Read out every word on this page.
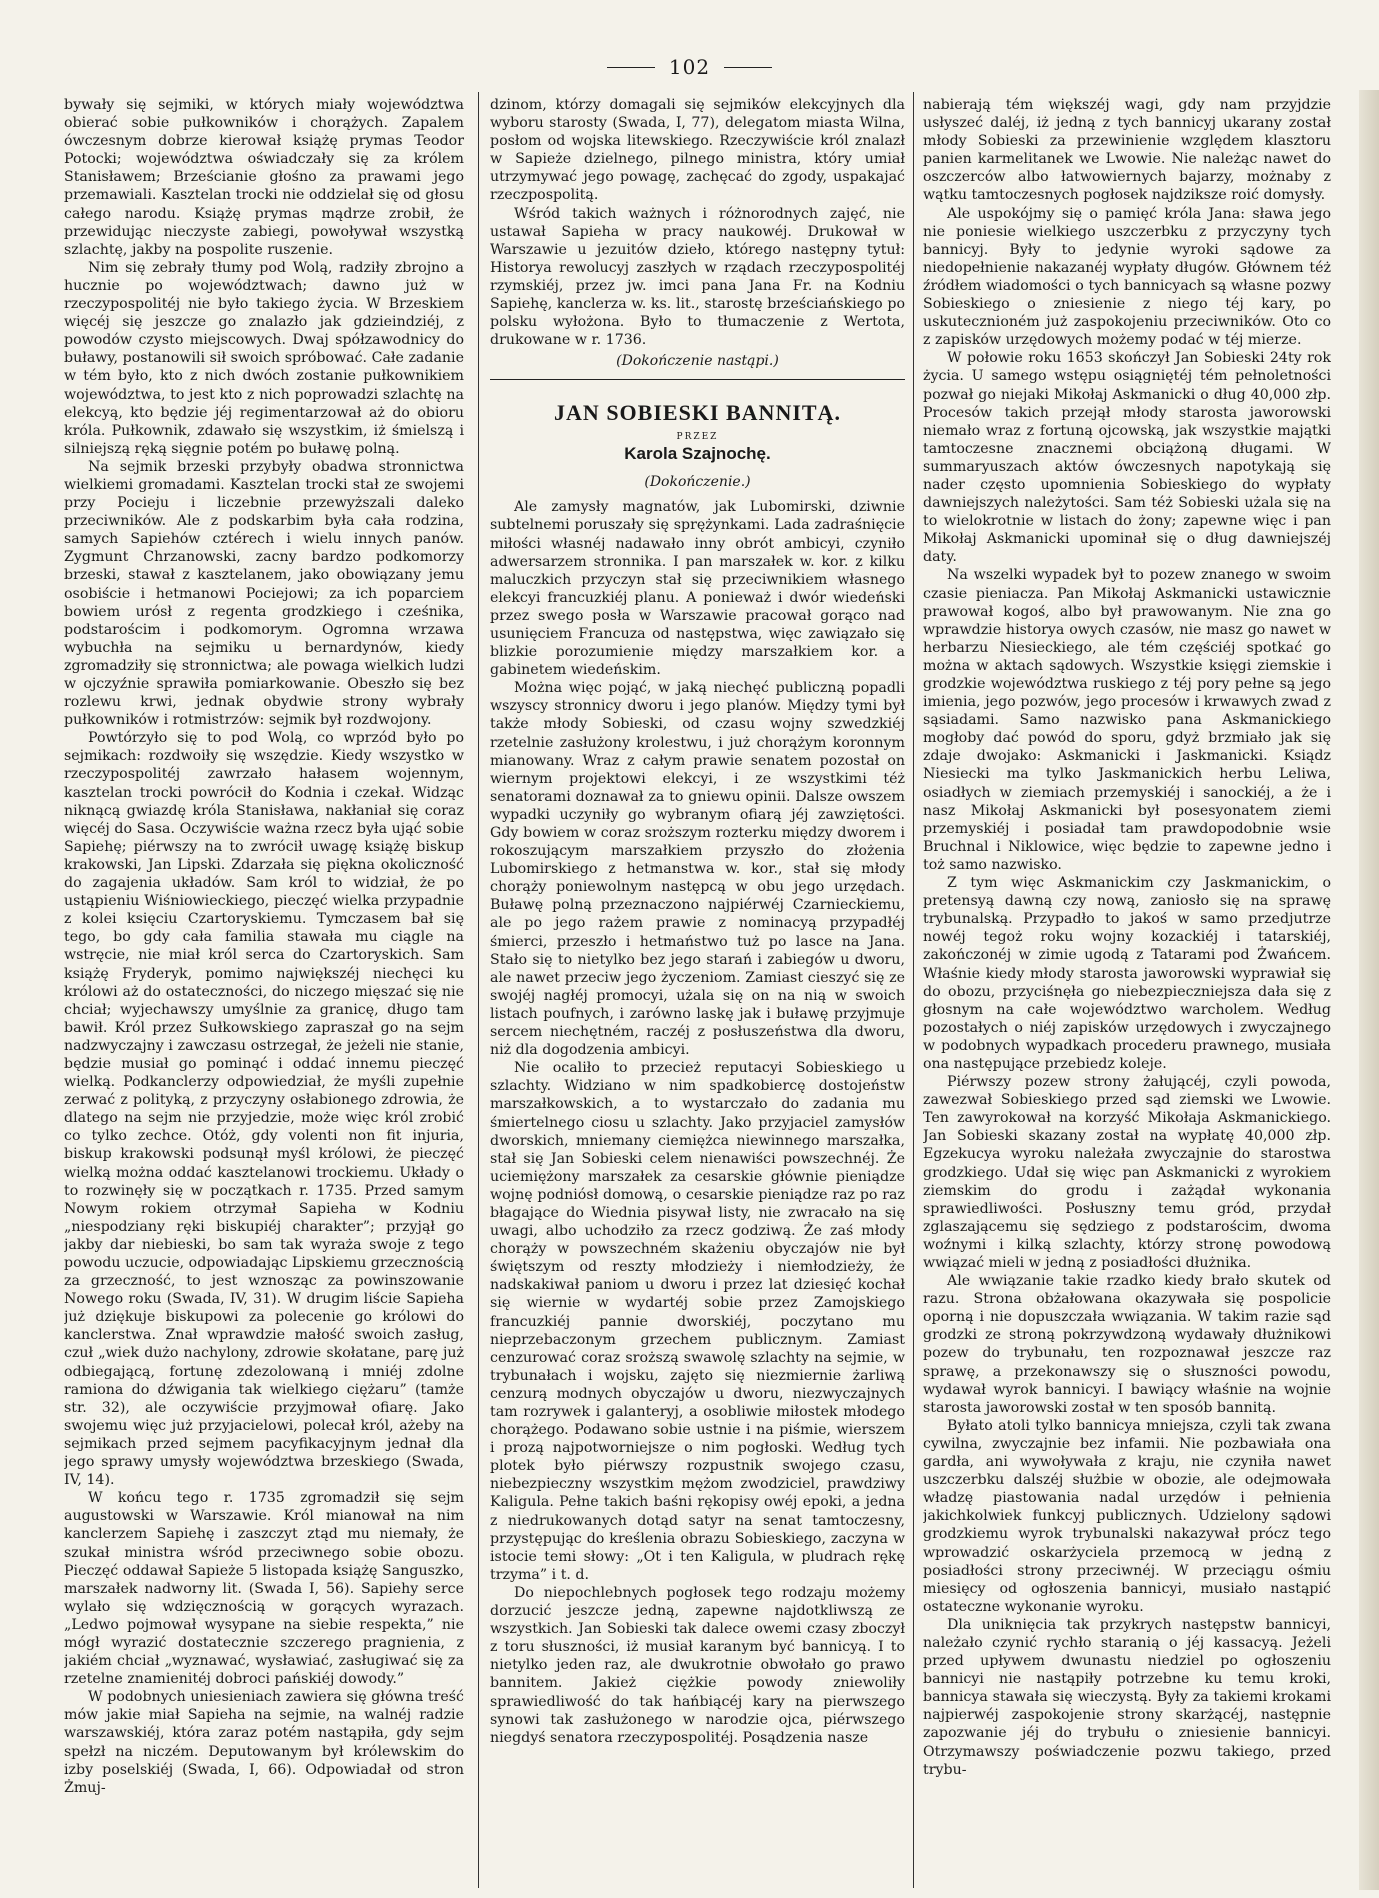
102

bywały się sejmiki, w których miały województwa obierać sobie pułkowników i chorążych. Zapalem ówczesnym dobrze kierował książę prymas Teodor Potocki; województwa oświadczały się za królem Stanisławem; Brześcianie głośno za prawami jego przemawiali. Kasztelan trocki nie oddzielał się od głosu całego narodu. Książę prymas mądrze zrobił, że przewidując nieczyste zabiegi, powoływał wszystką szlachtę, jakby na pospolite ruszenie.

Nim się zebrały tłumy pod Wolą, radziły zbrojno a hucznie po województwach; dawno już w rzeczypospolitéj nie było takiego życia. W Brzeskiem więcéj się jeszcze go znalazło jak gdzieindziéj, z powodów czysto miejscowych. Dwaj spółzawodnicy do buławy, postanowili sił swoich spróbować. Całe zadanie w tém było, kto z nich dwóch zostanie pułkownikiem województwa, to jest kto z nich poprowadzi szlachtę na elekcyą, kto będzie jéj regimentarzował aż do obioru króla. Pułkownik, zdawało się wszystkim, iż śmielszą i silniejszą ręką sięgnie potém po buławę polną.

Na sejmik brzeski przybyły obadwa stronnictwa wielkiemi gromadami. Kasztelan trocki stał ze swojemi przy Pocieju i liczebnie przewyższali daleko przeciwników. Ale z podskarbim była cała rodzina, samych Sapiehów cztérech i wielu innych panów. Zygmunt Chrzanowski, zacny bardzo podkomorzy brzeski, stawał z kasztelanem, jako obowiązany jemu osobiście i hetmanowi Pociejowi; za ich poparciem bowiem urósł z regenta grodzkiego i cześnika, podstarościm i podkomorym. Ogromna wrzawa wybuchła na sejmiku u bernardynów, kiedy zgromadziły się stronnictwa; ale powaga wielkich ludzi w ojczyźnie sprawiła pomiarkowanie. Obeszło się bez rozlewu krwi, jednak obydwie strony wybrały pułkowników i rotmistrzów: sejmik był rozdwojony.

Powtórzyło się to pod Wolą, co wprzód było po sejmikach: rozdwoiły się wszędzie. Kiedy wszystko w rzeczypospolitéj zawrzało hałasem wojennym, kasztelan trocki powrócił do Kodnia i czekał. Widząc niknącą gwiazdę króla Stanisława, nakłaniał się coraz więcéj do Sasa. Oczywiście ważna rzecz była ująć sobie Sapiehę; piérwszy na to zwrócił uwagę książę biskup krakowski, Jan Lipski. Zdarzała się piękna okoliczność do zagajenia układów. Sam król to widział, że po ustąpieniu Wiśniowieckiego, pieczęć wielka przypadnie z kolei księciu Czartoryskiemu. Tymczasem bał się tego, bo gdy cała familia stawała mu ciągle na wstręcie, nie miał król serca do Czartoryskich. Sam książę Fryderyk, pomimo największéj niechęci ku królowi aż do ostateczności, do niczego mięszać się nie chciał; wyjechawszy umyślnie za granicę, długo tam bawił. Król przez Sułkowskiego zapraszał go na sejm nadzwyczajny i zawczasu ostrzegał, że jeżeli nie stanie, będzie musiał go pominąć i oddać innemu pieczęć wielką. Podkanclerzy odpowiedział, że myśli zupełnie zerwać z polityką, z przyczyny osłabionego zdrowia, że dlatego na sejm nie przyjedzie, może więc król zrobić co tylko zechce. Otóż, gdy volenti non fit injuria, biskup krakowski podsunął myśl królowi, że pieczęć wielką można oddać kasztelanowi trockiemu. Układy o to rozwinęły się w początkach r. 1735. Przed samym Nowym rokiem otrzymał Sapieha w Kodniu „niespodziany ręki biskupiéj charakter”; przyjął go jakby dar niebieski, bo sam tak wyraża swoje z tego powodu uczucie, odpowiadając Lipskiemu grzecznością za grzeczność, to jest wznosząc za powinszowanie Nowego roku (Swada, IV, 31). W drugim liście Sapieha już dziękuje biskupowi za polecenie go królowi do kanclerstwa. Znał wprawdzie małość swoich zasług, czuł „wiek dużo nachylony, zdrowie skołatane, parę już odbiegającą, fortunę zdezolowaną i mniéj zdolne ramiona do dźwigania tak wielkiego ciężaru” (tamże str. 32), ale oczywiście przyjmował ofiarę. Jako swojemu więc już przyjacielowi, polecał król, ażeby na sejmikach przed sejmem pacyfikacyjnym jednał dla jego sprawy umysły województwa brzeskiego (Swada, IV, 14).

W końcu tego r. 1735 zgromadził się sejm augustowski w Warszawie. Król mianował na nim kanclerzem Sapiehę i zaszczyt ztąd mu niemały, że szukał ministra wśród przeciwnego sobie obozu. Pieczęć oddawał Sapieże 5 listopada książę Sanguszko, marszałek nadworny lit. (Swada I, 56). Sapiehy serce wylało się wdzięcznością w gorących wyrazach. „Ledwo pojmował wysypane na siebie respekta,” nie mógł wyrazić dostatecznie szczerego pragnienia, z jakiém chciał „wyznawać, wysławiać, zasługiwać się za rzetelne znamienitéj dobroci pańskiéj dowody.”

W podobnych uniesieniach zawiera się główna treść mów jakie miał Sapieha na sejmie, na walnéj radzie warszawskiéj, która zaraz potém nastąpiła, gdy sejm spełzł na niczém. Deputowanym był królewskim do izby poselskiéj (Swada, I, 66). Odpowiadał od stron Żmuj-

dzinom, którzy domagali się sejmików elekcyjnych dla wyboru starosty (Swada, I, 77), delegatom miasta Wilna, posłom od wojska litewskiego. Rzeczywiście król znalazł w Sapieże dzielnego, pilnego ministra, który umiał utrzymywać jego powagę, zachęcać do zgody, uspakajać rzeczpospolitą.

Wśród takich ważnych i różnorodnych zajęć, nie ustawał Sapieha w pracy naukowéj. Drukował w Warszawie u jezuitów dzieło, którego następny tytuł: Historya rewolucyj zaszłych w rządach rzeczypospolitéj rzymskiéj, przez jw. imci pana Jana Fr. na Kodniu Sapiehę, kanclerza w. ks. lit., starostę brześciańskiego po polsku wyłożona. Było to tłumaczenie z Wertota, drukowane w r. 1736.

(Dokończenie nastąpi.)
JAN SOBIESKI BANNITĄ.
PRZEZ
Karola Szajnochę.
(Dokończenie.)

Ale zamysły magnatów, jak Lubomirski, dziwnie subtelnemi poruszały się sprężynkami. Lada zadraśnięcie miłości własnéj nadawało inny obrót ambicyi, czyniło adwersarzem stronnika. I pan marszałek w. kor. z kilku maluczkich przyczyn stał się przeciwnikiem własnego elekcyi francuzkiéj planu. A ponieważ i dwór wiedeński przez swego posła w Warszawie pracował gorąco nad usunięciem Francuza od następstwa, więc zawiązało się blizkie porozumienie między marszałkiem kor. a gabinetem wiedeńskim.

Można więc pojąć, w jaką niechęć publiczną popadli wszyscy stronnicy dworu i jego planów. Między tymi był także młody Sobieski, od czasu wojny szwedzkiéj rzetelnie zasłużony krolestwu, i już chorążym koronnym mianowany. Wraz z całym prawie senatem pozostał on wiernym projektowi elekcyi, i ze wszystkimi téż senatorami doznawał za to gniewu opinii. Dalsze owszem wypadki uczyniły go wybranym ofiarą jéj zawziętości. Gdy bowiem w coraz sroższym rozterku między dworem i rokoszującym marszałkiem przyszło do złożenia Lubomirskiego z hetmanstwa w. kor., stał się młody chorąży poniewolnym następcą w obu jego urzędach. Buławę polną przeznaczono najpiérwéj Czarnieckiemu, ale po jego rażem prawie z nominacyą przypadłéj śmierci, przeszło i hetmaństwo tuż po lasce na Jana. Stało się to nietylko bez jego starań i zabiegów u dworu, ale nawet przeciw jego życzeniom. Zamiast cieszyć się ze swojéj nagłéj promocyi, użala się on na nią w swoich listach poufnych, i zarówno laskę jak i buławę przyjmuje sercem niechętném, raczéj z posłuszeństwa dla dworu, niż dla dogodzenia ambicyi.

Nie ocaliło to przecież reputacyi Sobieskiego u szlachty. Widziano w nim spadkobiercę dostojeństw marszałkowskich, a to wystarczało do zadania mu śmiertelnego ciosu u szlachty. Jako przyjaciel zamysłów dworskich, mniemany ciemiężca niewinnego marszałka, stał się Jan Sobieski celem nienawiści powszechnéj. Że uciemiężony marszałek za cesarskie głównie pieniądze wojnę podniósł domową, o cesarskie pieniądze raz po raz błagające do Wiednia pisywał listy, nie zwracało na się uwagi, albo uchodziło za rzecz godziwą. Że zaś młody chorąży w powszechném skażeniu obyczajów nie był świętszym od reszty młodzieży i niemłodzieży, że nadskakiwał paniom u dworu i przez lat dziesięć kochał się wiernie w wydartéj sobie przez Zamojskiego francuzkiéj pannie dworskiéj, poczytano mu nieprzebaczonym grzechem publicznym. Zamiast cenzurować coraz sroższą swawolę szlachty na sejmie, w trybunałach i wojsku, zajęto się niezmiernie żarliwą cenzurą modnych obyczajów u dworu, niezwyczajnych tam rozrywek i galanteryj, a osobliwie miłostek młodego chorążego. Podawano sobie ustnie i na piśmie, wierszem i prozą najpotworniejsze o nim pogłoski. Według tych plotek było piérwszy rozpustnik swojego czasu, niebezpieczny wszystkim mężom zwodziciel, prawdziwy Kaligula. Pełne takich baśni rękopisy owéj epoki, a jedna z niedrukowanych dotąd satyr na senat tamtoczesny, przystępując do kreślenia obrazu Sobieskiego, zaczyna w istocie temi słowy: „Ot i ten Kaligula, w pludrach rękę trzyma” i t. d.

Do niepochlebnych pogłosek tego rodzaju możemy dorzucić jeszcze jedną, zapewne najdotkliwszą ze wszystkich. Jan Sobieski tak dalece owemi czasy zboczył z toru słuszności, iż musiał karanym być bannicyą. I to nietylko jeden raz, ale dwukrotnie obwołało go prawo bannitem. Jakież ciężkie powody zniewoliły sprawiedliwość do tak hańbiącéj kary na pierwszego synowi tak zasłużonego w narodzie ojca, piérwszego niegdyś senatora rzeczypospolitéj. Posądzenia nasze

nabierają tém większéj wagi, gdy nam przyjdzie usłyszeć daléj, iż jedną z tych bannicyj ukarany został młody Sobieski za przewinienie względem klasztoru panien karmelitanek we Lwowie. Nie należąc nawet do oszczerców albo łatwowiernych bajarzy, możnaby z wątku tamtoczesnych pogłosek najdziksze roić domysły.

Ale uspokójmy się o pamięć króla Jana: sława jego nie poniesie wielkiego uszczerbku z przyczyny tych bannicyj. Były to jedynie wyroki sądowe za niedopełnienie nakazanéj wypłaty długów. Głównem téż źródłem wiadomości o tych bannicyach są własne pozwy Sobieskiego o zniesienie z niego téj kary, po uskutecznioném już zaspokojeniu przeciwników. Oto co z zapisków urzędowych możemy podać w téj mierze.

W połowie roku 1653 skończył Jan Sobieski 24ty rok życia. U samego wstępu osiągniętéj tém pełnoletności pozwał go niejaki Mikołaj Askmanicki o dług 40,000 złp. Procesów takich przejął młody starosta jaworowski niemało wraz z fortuną ojcowską, jak wszystkie majątki tamtoczesne znacznemi obciążoną długami. W summaryuszach aktów ówczesnych napotykają się nader często upomnienia Sobieskiego do wypłaty dawniejszych należytości. Sam téż Sobieski użala się na to wielokrotnie w listach do żony; zapewne więc i pan Mikołaj Askmanicki upominał się o dług dawniejszéj daty.

Na wszelki wypadek był to pozew znanego w swoim czasie pieniacza. Pan Mikołaj Askmanicki ustawicznie prawował kogoś, albo był prawowanym. Nie zna go wprawdzie historya owych czasów, nie masz go nawet w herbarzu Niesieckiego, ale tém częściéj spotkać go można w aktach sądowych. Wszystkie księgi ziemskie i grodzkie województwa ruskiego z téj pory pełne są jego imienia, jego pozwów, jego procesów i krwawych zwad z sąsiadami. Samo nazwisko pana Askmanickiego mogłoby dać powód do sporu, gdyż brzmiało jak się zdaje dwojako: Askmanicki i Jaskmanicki. Ksiądz Niesiecki ma tylko Jaskmanickich herbu Leliwa, osiadłych w ziemiach przemyskiéj i sanockiéj, a że i nasz Mikołaj Askmanicki był posesyonatem ziemi przemyskiéj i posiadał tam prawdopodobnie wsie Bruchnal i Niklowice, więc będzie to zapewne jedno i toż samo nazwisko.

Z tym więc Askmanickim czy Jaskmanickim, o pretensyą dawną czy nową, zaniosło się na sprawę trybunalską. Przypadło to jakoś w samo przedjutrze nowéj tegoż roku wojny kozackiéj i tatarskiéj, zakończonéj w zimie ugodą z Tatarami pod Żwańcem. Właśnie kiedy młody starosta jaworowski wyprawiał się do obozu, przyciśnęła go niebezpieczniejsza dała się z głosnym na całe województwo warcholem. Według pozostałych o niéj zapisków urzędowych i zwyczajnego w podobnych wypadkach procederu prawnego, musiała ona następujące przebiedz koleje.

Piérwszy pozew strony żałującéj, czyli powoda, zawezwał Sobieskiego przed sąd ziemski we Lwowie. Ten zawyrokował na korzyść Mikołaja Askmanickiego. Jan Sobieski skazany został na wypłatę 40,000 złp. Egzekucya wyroku należała zwyczajnie do starostwa grodzkiego. Udał się więc pan Askmanicki z wyrokiem ziemskim do grodu i zażądał wykonania sprawiedliwości. Posłuszny temu gród, przydał zglaszającemu się sędziego z podstarościm, dwoma woźnymi i kilką szlachty, którzy stronę powodową wwiązać mieli w jedną z posiadłości dłużnika.

Ale wwiązanie takie rzadko kiedy brało skutek od razu. Strona obżałowana okazywała się pospolicie oporną i nie dopuszczała wwiązania. W takim razie sąd grodzki ze stroną pokrzywdzoną wydawały dłużnikowi pozew do trybunału, ten rozpoznawał jeszcze raz sprawę, a przekonawszy się o słuszności powodu, wydawał wyrok bannicyi. I bawiący właśnie na wojnie starosta jaworowski został w ten sposób bannitą.

Byłato atoli tylko bannicya mniejsza, czyli tak zwana cywilna, zwyczajnie bez infamii. Nie pozbawiała ona gardła, ani wywoływała z kraju, nie czyniła nawet uszczerbku dalszéj służbie w obozie, ale odejmowała władzę piastowania nadal urzędów i pełnienia jakichkolwiek funkcyj publicznych. Udzielony sądowi grodzkiemu wyrok trybunalski nakazywał prócz tego wprowadzić oskarżyciela przemocą w jedną z posiadłości strony przeciwnéj. W przeciągu ośmiu miesięcy od ogłoszenia bannicyi, musiało nastąpić ostateczne wykonanie wyroku.

Dla uniknięcia tak przykrych następstw bannicyi, należało czynić rychło staranią o jéj kassacyą. Jeżeli przed upływem dwunastu niedziel po ogłoszeniu bannicyi nie nastąpiły potrzebne ku temu kroki, bannicya stawała się wieczystą. Były za takiemi krokami najpierwéj zaspokojenie strony skarżącéj, następnie zapozwanie jéj do trybułu o zniesienie bannicyi. Otrzymawszy poświadczenie pozwu takiego, przed trybu-
